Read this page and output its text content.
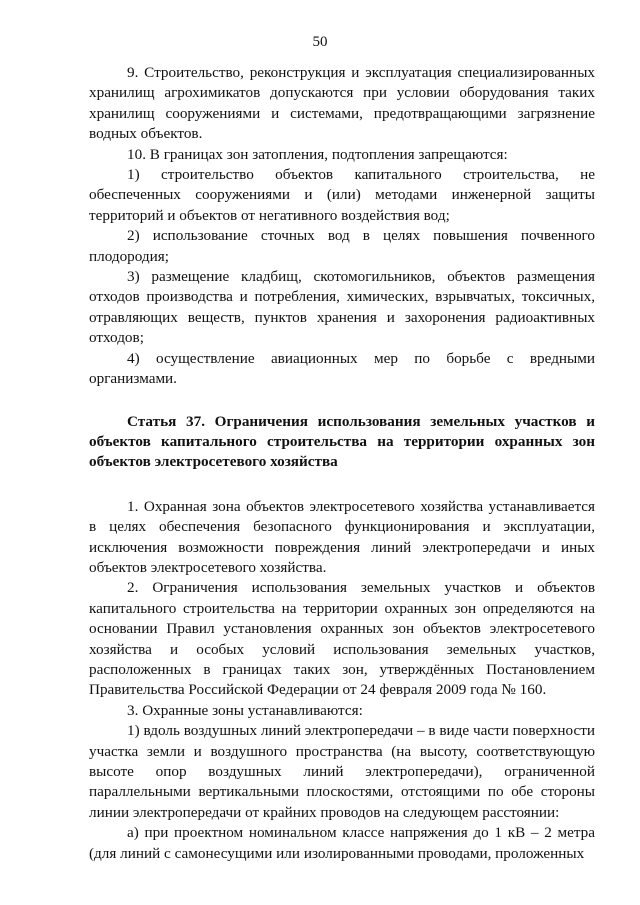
50

9. Строительство, реконструкция и эксплуатация специализированных хранилищ агрохимикатов допускаются при условии оборудования таких хранилищ сооружениями и системами, предотвращающими загрязнение водных объектов.

10. В границах зон затопления, подтопления запрещаются:

1) строительство объектов капитального строительства, не обеспеченных сооружениями и (или) методами инженерной защиты территорий и объектов от негативного воздействия вод;

2) использование сточных вод в целях повышения почвенного плодородия;

3) размещение кладбищ, скотомогильников, объектов размещения отходов производства и потребления, химических, взрывчатых, токсичных, отравляющих веществ, пунктов хранения и захоронения радиоактивных отходов;

4) осуществление авиационных мер по борьбе с вредными организмами.

Статья 37. Ограничения использования земельных участков и объектов капитального строительства на территории охранных зон объектов электросетевого хозяйства

1. Охранная зона объектов электросетевого хозяйства устанавливается в целях обеспечения безопасного функционирования и эксплуатации, исключения возможности повреждения линий электропередачи и иных объектов электросетевого хозяйства.

2. Ограничения использования земельных участков и объектов капитального строительства на территории охранных зон определяются на основании Правил установления охранных зон объектов электросетевого хозяйства и особых условий использования земельных участков, расположенных в границах таких зон, утверждённых Постановлением Правительства Российской Федерации от 24 февраля 2009 года № 160.

3. Охранные зоны устанавливаются:

1) вдоль воздушных линий электропередачи – в виде части поверхности участка земли и воздушного пространства (на высоту, соответствующую высоте опор воздушных линий электропередачи), ограниченной параллельными вертикальными плоскостями, отстоящими по обе стороны линии электропередачи от крайних проводов на следующем расстоянии:

а) при проектном номинальном классе напряжения до 1 кВ – 2 метра (для линий с самонесущими или изолированными проводами, проложенных
